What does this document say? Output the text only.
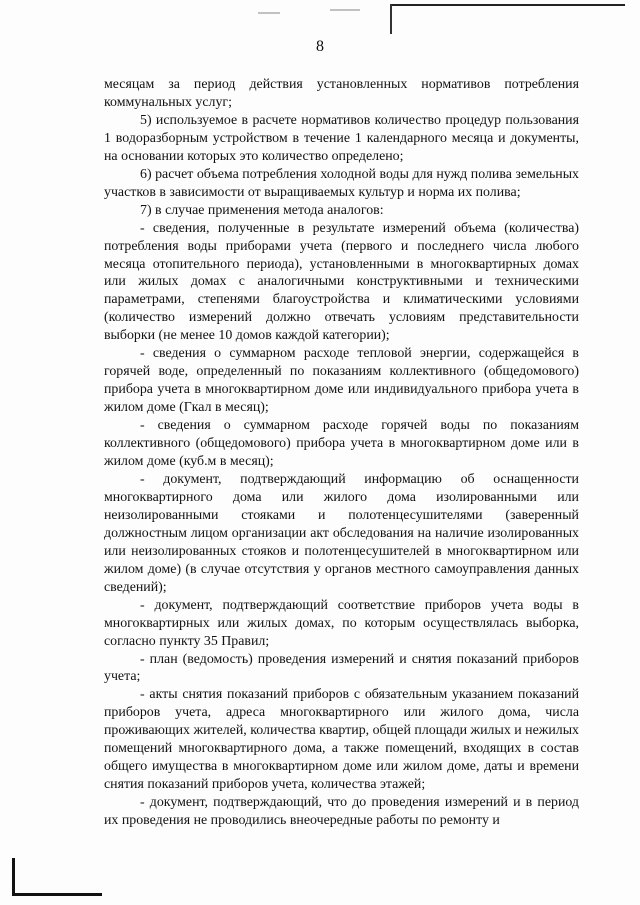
8

месяцам за период действия установленных нормативов потребления коммунальных услуг;

5) используемое в расчете нормативов количество процедур пользования 1 водоразборным устройством в течение 1 календарного месяца и документы, на основании которых это количество определено;

6) расчет объема потребления холодной воды для нужд полива земельных участков в зависимости от выращиваемых культур и норма их полива;

7) в случае применения метода аналогов:

- сведения, полученные в результате измерений объема (количества) потребления воды приборами учета (первого и последнего числа любого месяца отопительного периода), установленными в многоквартирных домах или жилых домах с аналогичными конструктивными и техническими параметрами, степенями благоустройства и климатическими условиями (количество измерений должно отвечать условиям представительности выборки (не менее 10 домов каждой категории);

- сведения о суммарном расходе тепловой энергии, содержащейся в горячей воде, определенный по показаниям коллективного (общедомового) прибора учета в многоквартирном доме или индивидуального прибора учета в жилом доме (Гкал в месяц);

- сведения о суммарном расходе горячей воды по показаниям коллективного (общедомового) прибора учета в многоквартирном доме или в жилом доме (куб.м в месяц);

- документ, подтверждающий информацию об оснащенности многоквартирного дома или жилого дома изолированными или неизолированными стояками и полотенцесушителями (заверенный должностным лицом организации акт обследования на наличие изолированных или неизолированных стояков и полотенцесушителей в многоквартирном или жилом доме) (в случае отсутствия у органов местного самоуправления данных сведений);

- документ, подтверждающий соответствие приборов учета воды в многоквартирных или жилых домах, по которым осуществлялась выборка, согласно пункту 35 Правил;

- план (ведомость) проведения измерений и снятия показаний приборов учета;

- акты снятия показаний приборов с обязательным указанием показаний приборов учета, адреса многоквартирного или жилого дома, числа проживающих жителей, количества квартир, общей площади жилых и нежилых помещений многоквартирного дома, а также помещений, входящих в состав общего имущества в многоквартирном доме или жилом доме, даты и времени снятия показаний приборов учета, количества этажей;

- документ, подтверждающий, что до проведения измерений и в период их проведения не проводились внеочередные работы по ремонту и
